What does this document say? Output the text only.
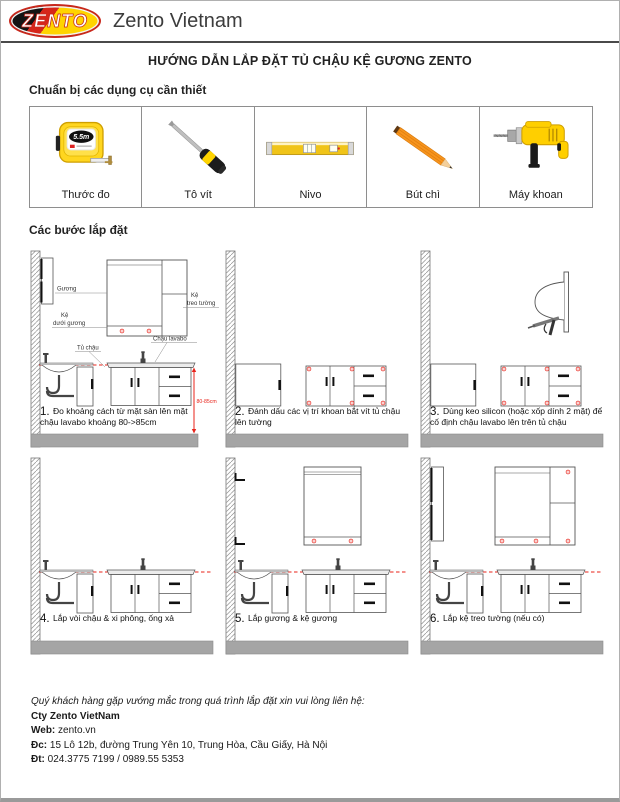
ZENTO Zento Vietnam
HƯỚNG DẪN LẮP ĐẶT TỦ CHẬU KỆ GƯƠNG ZENTO
Chuẩn bị các dụng cụ cần thiết
5.5m
Thước đo	Tô vít	Nivo	Bút chì	Máy khoan
Các bước lắp đặt
Gương
Kệ
treo tường
Kệ
dưới gương
Chậu lavabo
Tủ chậu
80-85cm
1. Đo khoảng cách từ mặt sàn lên mặt chậu lavabo khoảng 80->85cm
2. Đánh dấu các vị trí khoan bắt vít tủ chậu lên tường
3. Dùng keo silicon (hoặc xốp dính 2 mặt) để cố định chậu lavabo lên trên tủ chậu
4. Lắp vòi chậu & xi phông, ống xả	5. Lắp gương & kệ gương	6. Lắp kệ treo tường (nếu có)

Quý khách hàng gặp vướng mắc trong quá trình lắp đặt xin vui lòng liên hệ:

Cty Zento VietNam

Web: zento.vn

Đc: 15 Lô 12b, đường Trung Yên 10, Trung Hòa, Cầu Giấy, Hà Nội

Đt: 024.3775 7199 / 0989.55 5353
